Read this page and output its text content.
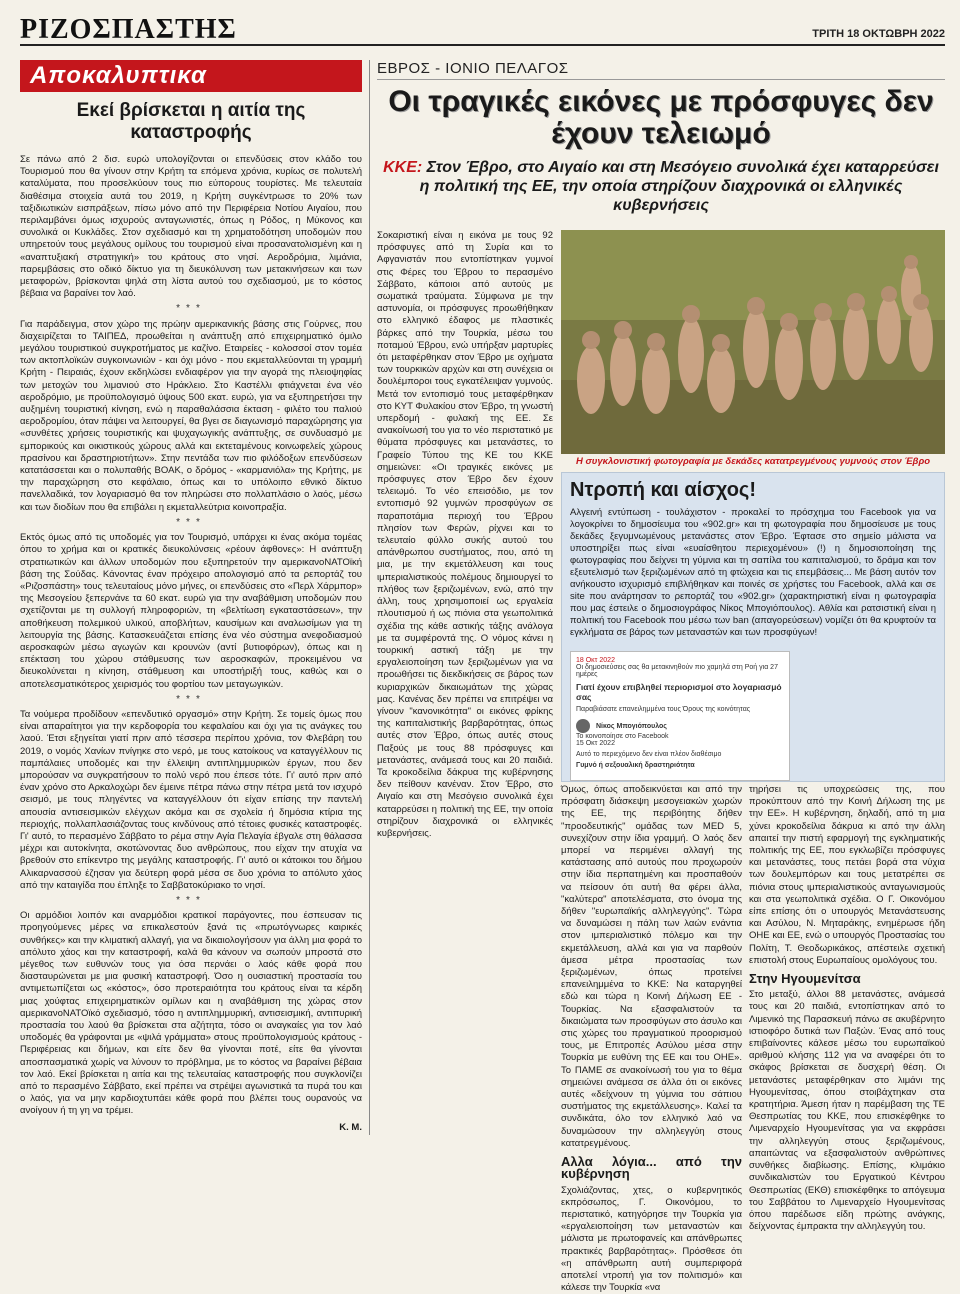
ΡΙΖΟΣΠΑΣΤΗΣ	ΤΡΙΤΗ 18 ΟΚΤΩΒΡΗ 2022
Αποκαλυπτικα
Εκεί βρίσκεται η αιτία της καταστροφής

Σε πάνω από 2 δισ. ευρώ υπολογίζονται οι επενδύσεις στον κλάδο του Τουρισμού που θα γίνουν στην Κρήτη τα επόμενα χρόνια, κυρίως σε πολυτελή καταλύματα, που προσελκύουν τους πιο εύπορους τουρίστες. Με τελευταία διαθέσιμα στοιχεία αυτά του 2019, η Κρήτη συγκέντρωσε το 20% των ταξιδιωτικών εισπράξεων, πίσω μόνο από την Περιφέρεια Νοτίου Αιγαίου, που περιλαμβάνει όμως ισχυρούς ανταγωνιστές, όπως η Ρόδος, η Μύκονος και συνολικά οι Κυκλάδες. Στον σχεδιασμό και τη χρηματοδότηση υποδομών που υπηρετούν τους μεγάλους ομίλους του τουρισμού είναι προσανατολισμένη και η «αναπτυξιακή στρατηγική» του κράτους στο νησί. Αεροδρόμια, λιμάνια, παρεμβάσεις στο οδικό δίκτυο για τη διευκόλυνση των μετακινήσεων και των μεταφορών, βρίσκονται ψηλά στη λίστα αυτού του σχεδιασμού, με το κόστος βέβαια να βαραίνει τον λαό.

***

Για παράδειγμα, στον χώρο της πρώην αμερικανικής βάσης στις Γούρνες, που διαχειρίζεται το ΤΑΙΠΕΔ, προωθείται η ανάπτυξη από επιχειρηματικό όμιλο μεγάλου τουριστικού συγκροτήματος με καζίνο. Εταιρείες - κολοσσοί στον τομέα των ακτοπλοϊκών συγκοινωνιών - και όχι μόνο - που εκμεταλλεύονται τη γραμμή Κρήτη - Πειραιάς, έχουν εκδηλώσει ενδιαφέρον για την αγορά της πλειοψηφίας των μετοχών του λιμανιού στο Ηράκλειο. Στο Καστέλλι φτιάχνεται ένα νέο αεροδρόμιο, με προϋπολογισμό ύψους 500 εκατ. ευρώ, για να εξυπηρετήσει την αυξημένη τουριστική κίνηση, ενώ η παραθαλάσσια έκταση - φιλέτο του παλιού αεροδρομίου, όταν πάψει να λειτουργεί, θα βγει σε διαγωνισμό παραχώρησης για «συνθέτες χρήσεις τουριστικής και ψυχαγωγικής ανάπτυξης, σε συνδυασμό με εμπορικούς και οικιστικούς χώρους αλλά και εκτεταμένους κοινωφελείς χώρους πρασίνου και δραστηριοτήτων». Στην πεντάδα των πιο φιλόδοξων επενδύσεων κατατάσσεται και ο πολυπαθής ΒΟΑΚ, ο δρόμος - «καρμανιόλα» της Κρήτης, με την παραχώρηση στο κεφάλαιο, όπως και το υπόλοιπο εθνικό δίκτυο πανελλαδικά, τον λογαριασμό θα τον πληρώσει στο πολλαπλάσιο ο λαός, μέσω και των διοδίων που θα επιβάλει η εκμεταλλεύτρια κοινοπραξία.

***

Εκτός όμως από τις υποδομές για τον Τουρισμό, υπάρχει κι ένας ακόμα τομέας όπου το χρήμα και οι κρατικές διευκολύνσεις «ρέουν άφθονες»: Η ανάπτυξη στρατιωτικών και άλλων υποδομών που εξυπηρετούν την αμερικανοΝΑΤΟϊκή βάση της Σούδας. Κάνοντας έναν πρόχειρο απολογισμό από τα ρεπορτάζ του «Ριζοσπάστη» τους τελευταίους μόνο μήνες, οι επενδύσεις στο «Περλ Χάρμπορ» της Μεσογείου ξεπερνάνε τα 60 εκατ. ευρώ για την αναβάθμιση υποδομών που σχετίζονται με τη συλλογή πληροφοριών, τη «βελτίωση εγκαταστάσεων», την αποθήκευση πολεμικού υλικού, αποβλήτων, καυσίμων και αναλωσίμων για τη λειτουργία της βάσης. Κατασκευάζεται επίσης ένα νέο σύστημα ανεφοδιασμού αεροσκαφών μέσω αγωγών και κρουνών (αντί βυτιοφόρων), όπως και η επέκταση του χώρου στάθμευσης των αεροσκαφών, προκειμένου να διευκολύνεται η κίνηση, στάθμευση και υποστήριξή τους, καθώς και ο αποτελεσματικότερος χειρισμός του φορτίου των μεταγωγικών.

***

Τα νούμερα προδίδουν «επενδυτικό οργασμό» στην Κρήτη. Σε τομείς όμως που είναι απαραίτητοι για την κερδοφορία του κεφαλαίου και όχι για τις ανάγκες του λαού. Έτσι εξηγείται γιατί πριν από τέσσερα περίπου χρόνια, τον Φλεβάρη του 2019, ο νομός Χανίων πνίγηκε στο νερό, με τους κατοίκους να καταγγέλλουν τις παμπάλαιες υποδομές και την έλλειψη αντιπλημμυρικών έργων, που δεν μπορούσαν να συγκρατήσουν το πολύ νερό που έπεσε τότε. Γι' αυτό πριν από έναν χρόνο στο Αρκαλοχώρι δεν έμεινε πέτρα πάνω στην πέτρα μετά τον ισχυρό σεισμό, με τους πληγέντες να καταγγέλλουν ότι είχαν επίσης την παντελή απουσία αντισεισμικών ελέγχων ακόμα και σε σχολεία ή δημόσια κτίρια της περιοχής, πολλαπλασιάζοντας τους κινδύνους από τέτοιες φυσικές καταστροφές. Γι' αυτό, το περασμένο Σάββατο το ρέμα στην Αγία Πελαγία έβγαλε στη θάλασσα μέχρι και αυτοκίνητα, σκοτώνοντας δυο ανθρώπους, που είχαν την ατυχία να βρεθούν στο επίκεντρο της μεγάλης καταστροφής. Γι' αυτό οι κάτοικοι του δήμου Αλικαρνασσού έζησαν για δεύτερη φορά μέσα σε δυο χρόνια το απόλυτο χάος από την καταιγίδα που έπληξε το Σαββατοκύριακο το νησί.

***

Οι αρμόδιοι λοιπόν και αναρμόδιοι κρατικοί παράγοντες, που έσπευσαν τις προηγούμενες μέρες να επικαλεστούν ξανά τις «πρωτόγνωρες καιρικές συνθήκες» και την κλιματική αλλαγή, για να δικαιολογήσουν για άλλη μια φορά το απόλυτο χάος και την καταστροφή, καλά θα κάνουν να σωπούν μπροστά στο μέγεθος των ευθυνών τους για όσα περνάει ο λαός κάθε φορά που διασταυρώνεται με μια φυσική καταστροφή. Όσο η ουσιαστική προστασία του αντιμετωπίζεται ως «κόστος», όσο προτεραιότητα του κράτους είναι τα κέρδη μιας χούφτας επιχειρηματικών ομίλων και η αναβάθμιση της χώρας στον αμερικανοΝΑΤΟϊκό σχεδιασμό, τόσο η αντιπλημμυρική, αντισεισμική, αντιπυρική προστασία του λαού θα βρίσκεται στα αζήτητα, τόσο οι αναγκαίες για τον λαό υποδομές θα γράφονται με «ψιλά γράμματα» στους προϋπολογισμούς κράτους - Περιφέρειας και δήμων, και είτε δεν θα γίνονται ποτέ, είτε θα γίνονται αποσπασματικά χωρίς να λύνουν το πρόβλημα, με το κόστος να βαραίνει βέβαια τον λαό. Εκεί βρίσκεται η αιτία και της τελευταίας καταστροφής που συγκλονίζει από το περασμένο Σάββατο, εκεί πρέπει να στρέψει αγωνιστικά τα πυρά του και ο λαός, για να μην καρδιοχτυπάει κάθε φορά που βλέπει τους ουρανούς να ανοίγουν ή τη γη να τρέμει.

Κ. Μ.
ΕΒΡΟΣ - ΙΟΝΙΟ ΠΕΛΑΓΟΣ
Οι τραγικές εικόνες με πρόσφυγες δεν έχουν τελειωμό
ΚΚΕ: Στον Έβρο, στο Αιγαίο και στη Μεσόγειο συνολικά έχει καταρρεύσει η πολιτική της ΕΕ, την οποία στηρίζουν διαχρονικά οι ελληνικές κυβερνήσεις

Σοκαριστική είναι η εικόνα με τους 92 πρόσφυγες από τη Συρία και το Αφγανιστάν που εντοπίστηκαν γυμνοί στις Φέρες του Έβρου το περασμένο Σάββατο, κάποιοι από αυτούς με σωματικά τραύματα. Σύμφωνα με την αστυνομία, οι πρόσφυγες προωθήθηκαν στο ελληνικό έδαφος με πλαστικές βάρκες από την Τουρκία, μέσω του ποταμού Έβρου, ενώ υπήρξαν μαρτυρίες ότι μεταφέρθηκαν στον Έβρο με οχήματα των τουρκικών αρχών και στη συνέχεια οι δουλέμποροι τους εγκατέλειψαν γυμνούς. Μετά τον εντοπισμό τους μεταφέρθηκαν στο ΚΥΤ Φυλακίου στον Έβρο, τη γνωστή υπερδομή - φυλακή της ΕΕ. Σε ανακοίνωσή του για το νέο περιστατικό με θύματα πρόσφυγες και μετανάστες, το Γραφείο Τύπου της ΚΕ του ΚΚΕ σημειώνει: «Οι τραγικές εικόνες με πρόσφυγες στον Έβρο δεν έχουν τελειωμό. Το νέο επεισόδιο, με τον εντοπισμό 92 γυμνών προσφύγων σε παραποτάμια περιοχή του Έβρου πλησίον των Φερών, ρίχνει και το τελευταίο φύλλο συκής αυτού του απάνθρωπου συστήματος, που, από τη μια, με την εκμετάλλευση και τους ιμπεριαλιστικούς πολέμους δημιουργεί το πλήθος των ξεριζωμένων, ενώ, από την άλλη, τους χρησιμοποιεί ως εργαλεία πλουτισμού ή ως πιόνια στα γεωπολιτικά σχέδια της κάθε αστικής τάξης ανάλογα με τα συμφέροντά της. Ο νόμος κάνει η τουρκική αστική τάξη με την εργαλειοποίηση των ξεριζωμένων για να προωθήσει τις διεκδικήσεις σε βάρος των κυριαρχικών δικαιωμάτων της χώρας μας. Κανένας δεν πρέπει να επιτρέψει να γίνουν "κανονικότητα" οι εικόνες φρίκης της καπιταλιστικής βαρβαρότητας, όπως αυτές στον Έβρο, όπως αυτές στους Παξούς με τους 88 πρόσφυγες και μετανάστες, ανάμεσά τους και 20 παιδιά. Τα κροκοδείλια δάκρυα της κυβέρνησης δεν πείθουν κανέναν. Στον Έβρο, στο Αιγαίο και στη Μεσόγειο συνολικά έχει καταρρεύσει η πολιτική της ΕΕ, την οποία στηρίζουν διαχρονικά οι ελληνικές κυβερνήσεις.

Η συγκλονιστική φωτογραφία με δεκάδες κατατρεγμένους γυμνούς στον Έβρο
Ντροπή και αίσχος!
Αλγεινή εντύπωση - τουλάχιστον - προκαλεί το πρόσχημα του Facebook για να λογοκρίνει το δημοσίευμα του «902.gr» και τη φωτογραφία που δημοσίευσε με τους δεκάδες ξεγυμνωμένους μετανάστες στον Έβρο. Έφτασε στο σημείο μάλιστα να υποστηρίξει πως είναι «ευαίσθητου περιεχομένου» (!) η δημοσιοποίηση της φωτογραφίας που δείχνει τη γύμνια και τη σαπίλα του καπιταλισμού, το δράμα και τον εξευτελισμό των ξεριζωμένων από τη φτώχεια και τις επεμβάσεις... Με βάση αυτόν τον ανήκουστο ισχυρισμό επιβλήθηκαν και ποινές σε χρήστες του Facebook, αλλά και σε site που ανάρτησαν το ρεπορτάζ του «902.gr» (χαρακτηριστική είναι η φωτογραφία που μας έστειλε ο δημοσιογράφος Νίκος Μπογιόπουλος). Αθλία και ρατσιστική είναι η πολιτική του Facebook που μέσω των ban (απαγορεύσεων) νομίζει ότι θα κρυφτούν τα εγκλήματα σε βάρος των μεταναστών και των προσφύγων!
18 Οκτ 2022
Οι δημοσιεύσεις σας θα μετακινηθούν πιο χαμηλά στη Ροή για 27 ημέρες
Γιατί έχουν επιβληθεί περιορισμοί στο λογαριασμό σας
Παραβιάσατε επανειλημμένα τους Όρους της κοινότητας
Νίκος Μπογιόπουλος
Το κοινοποίησε στο Facebook
15 Οκτ 2022
Αυτό το περιεχόμενο δεν είναι πλέον διαθέσιμο
Γυμνό ή σεξουαλική δραστηριότητα

Όμως, όπως αποδεικνύεται και από την πρόσφατη διάσκεψη μεσογειακών χωρών της ΕΕ, της περιβόητης δήθεν "προοδευτικής" ομάδας των MED 5, συνεχίζουν στην ίδια γραμμή. Ο λαός δεν μπορεί να περιμένει αλλαγή της κατάστασης από αυτούς που προχωρούν στην ίδια περπατημένη και προσπαθούν να πείσουν ότι αυτή θα φέρει άλλα, "καλύτερα" αποτελέσματα, στο όνομα της δήθεν "ευρωπαϊκής αλληλεγγύης". Τώρα να δυναμώσει η πάλη των λαών ενάντια στον ιμπεριαλιστικό πόλεμο και την εκμετάλλευση, αλλά και για να παρθούν άμεσα μέτρα προστασίας των ξεριζωμένων, όπως προτείνει επανειλημμένα το ΚΚΕ: Να καταργηθεί εδώ και τώρα η Κοινή Δήλωση ΕΕ - Τουρκίας. Να εξασφαλιστούν τα δικαιώματα των προσφύγων στο άσυλο και στις χώρες του πραγματικού προορισμού τους, με Επιτροπές Ασύλου μέσα στην Τουρκία με ευθύνη της ΕΕ και του ΟΗΕ». Το ΠΑΜΕ σε ανακοίνωσή του για το θέμα σημειώνει ανάμεσα σε άλλα ότι οι εικόνες αυτές «δείχνουν τη γύμνια του σάπιου συστήματος της εκμετάλλευσης». Καλεί τα συνδικάτα, όλο τον ελληνικό λαό να δυναμώσουν την αλληλεγγύη στους κατατρεγμένους.

Αλλα λόγια... από την κυβέρνηση

Σχολιάζοντας, χτες, ο κυβερνητικός εκπρόσωπος, Γ. Οικονόμου, το περιστατικό, κατηγόρησε την Τουρκία για «εργαλειοποίηση των μεταναστών και μάλιστα με πρωτοφανείς και απάνθρωπες πρακτικές βαρβαρότητας». Πρόσθεσε ότι «η απάνθρωπη αυτή συμπεριφορά αποτελεί ντροπή για τον πολιτισμό» και κάλεσε την Τουρκία «να

τηρήσει τις υποχρεώσεις της, που προκύπτουν από την Κοινή Δήλωση της με την ΕΕ». Η κυβέρνηση, δηλαδή, από τη μια χύνει κροκοδείλια δάκρυα κι από την άλλη απαιτεί την πιστή εφαρμογή της εγκληματικής πολιτικής της ΕΕ, που εγκλωβίζει πρόσφυγες και μετανάστες, τους πετάει βορά στα νύχια των δουλεμπόρων και τους μετατρέπει σε πιόνια στους ιμπεριαλιστικούς ανταγωνισμούς και στα γεωπολιτικά σχέδια. Ο Γ. Οικονόμου είπε επίσης ότι ο υπουργός Μετανάστευσης και Ασύλου, Ν. Μηταράκης, ενημέρωσε ήδη ΟΗΕ και ΕΕ, ενώ ο υπουργός Προστασίας του Πολίτη, Τ. Θεοδωρικάκος, απέστειλε σχετική επιστολή στους Ευρωπαίους ομολόγους του.

Στην Ηγουμενίτσα

Στο μεταξύ, άλλοι 88 μετανάστες, ανάμεσά τους και 20 παιδιά, εντοπίστηκαν από το Λιμενικό της Παρασκευή πάνω σε ακυβέρνητο ιστιοφόρο δυτικά των Παξών. Ένας από τους επιβαίνοντες κάλεσε μέσω του ευρωπαϊκού αριθμού κλήσης 112 για να αναφέρει ότι το σκάφος βρίσκεται σε δυσχερή θέση. Οι μετανάστες μεταφέρθηκαν στο λιμάνι της Ηγουμενίτσας, όπου στοιβάχτηκαν στα κρατητήρια. Άμεση ήταν η παρέμβαση της ΤΕ Θεσπρωτίας του ΚΚΕ, που επισκέφθηκε το Λιμεναρχείο Ηγουμενίτσας για να εκφράσει την αλληλεγγύη στους ξεριζωμένους, απαιτώντας να εξασφαλιστούν ανθρώπινες συνθήκες διαβίωσης. Επίσης, κλιμάκιο συνδικαλιστών του Εργατικού Κέντρου Θεσπρωτίας (ΕΚΘ) επισκέφθηκε το απόγευμα του Σαββάτου το Λιμεναρχείο Ηγουμενίτσας όπου παρέδωσε είδη πρώτης ανάγκης, δείχνοντας έμπρακτα την αλληλεγγύη του.
